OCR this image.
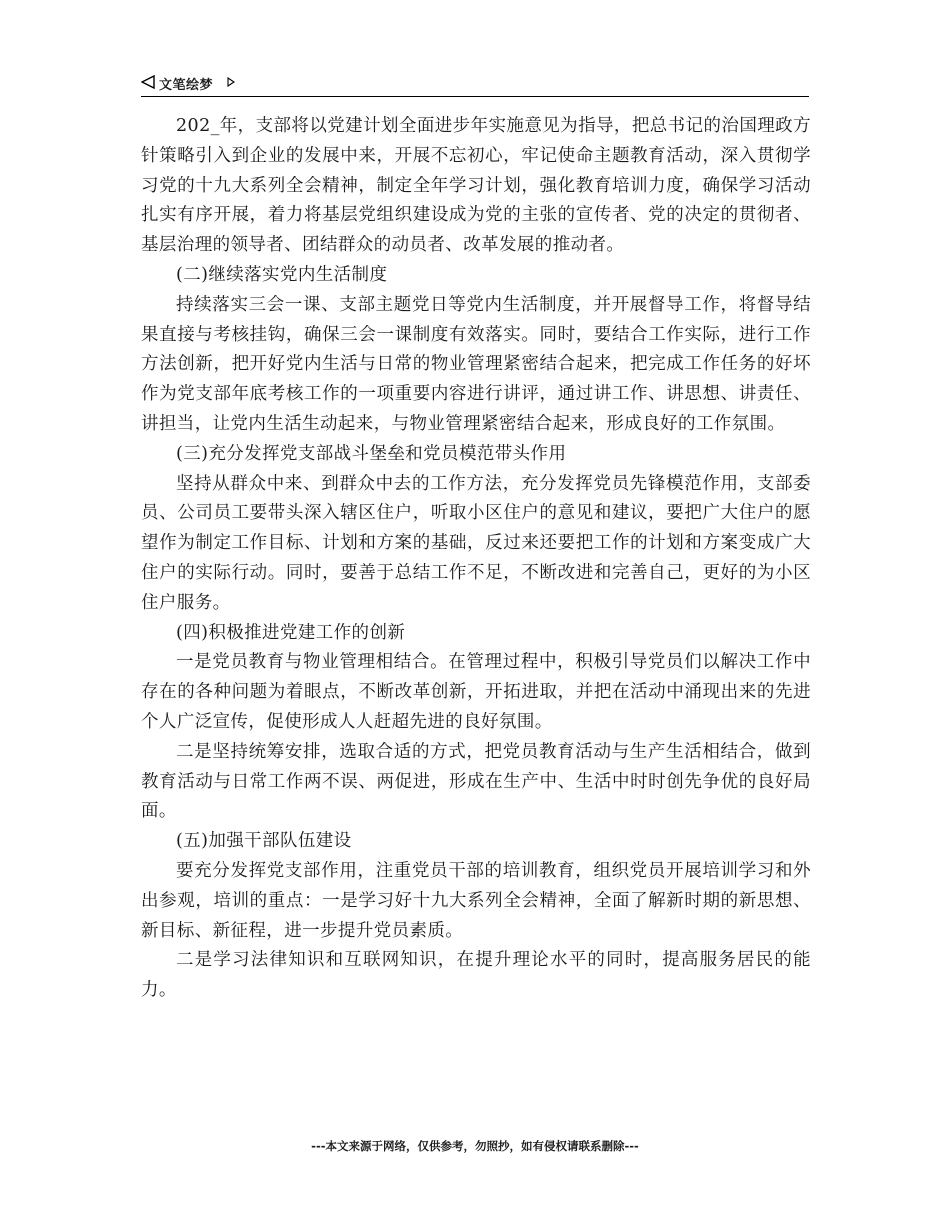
文笔绘梦

202_年，支部将以党建计划全面进步年实施意见为指导，把总书记的治国理政方针策略引入到企业的发展中来，开展不忘初心，牢记使命主题教育活动，深入贯彻学习党的十九大系列全会精神，制定全年学习计划，强化教育培训力度，确保学习活动扎实有序开展，着力将基层党组织建设成为党的主张的宣传者、党的决定的贯彻者、基层治理的领导者、团结群众的动员者、改革发展的推动者。

(二)继续落实党内生活制度

持续落实三会一课、支部主题党日等党内生活制度，并开展督导工作，将督导结果直接与考核挂钩，确保三会一课制度有效落实。同时，要结合工作实际，进行工作方法创新，把开好党内生活与日常的物业管理紧密结合起来，把完成工作任务的好坏作为党支部年底考核工作的一项重要内容进行讲评，通过讲工作、讲思想、讲责任、讲担当，让党内生活生动起来，与物业管理紧密结合起来，形成良好的工作氛围。

(三)充分发挥党支部战斗堡垒和党员模范带头作用

坚持从群众中来、到群众中去的工作方法，充分发挥党员先锋模范作用，支部委员、公司员工要带头深入辖区住户，听取小区住户的意见和建议，要把广大住户的愿望作为制定工作目标、计划和方案的基础，反过来还要把工作的计划和方案变成广大住户的实际行动。同时，要善于总结工作不足，不断改进和完善自己，更好的为小区住户服务。

(四)积极推进党建工作的创新

一是党员教育与物业管理相结合。在管理过程中，积极引导党员们以解决工作中存在的各种问题为着眼点，不断改革创新，开拓进取，并把在活动中涌现出来的先进个人广泛宣传，促使形成人人赶超先进的良好氛围。

二是坚持统筹安排，选取合适的方式，把党员教育活动与生产生活相结合，做到教育活动与日常工作两不误、两促进，形成在生产中、生活中时时创先争优的良好局面。

(五)加强干部队伍建设

要充分发挥党支部作用，注重党员干部的培训教育，组织党员开展培训学习和外出参观，培训的重点：一是学习好十九大系列全会精神，全面了解新时期的新思想、新目标、新征程，进一步提升党员素质。

二是学习法律知识和互联网知识，在提升理论水平的同时，提高服务居民的能力。

---本文来源于网络，仅供参考，勿照抄，如有侵权请联系删除---
